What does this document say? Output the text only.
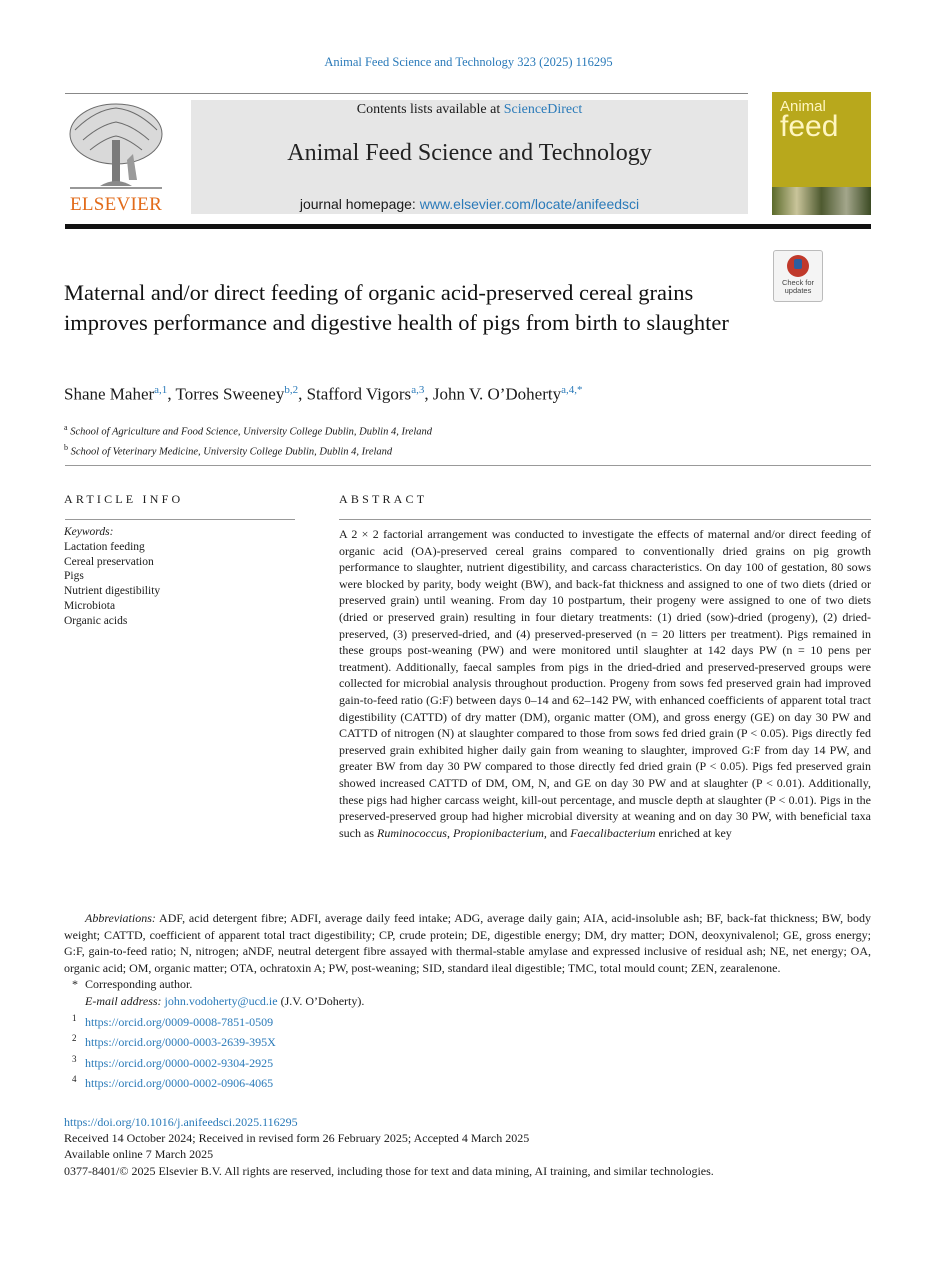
Animal Feed Science and Technology 323 (2025) 116295
ELSEVIER
Contents lists available at ScienceDirect
Animal Feed Science and Technology
journal homepage: www.elsevier.com/locate/anifeedsci
Animal
feed
Check for updates
Maternal and/or direct feeding of organic acid-preserved cereal grains improves performance and digestive health of pigs from birth to slaughter
Shane Maher$^{a,1}$, Torres Sweeney$^{b,2}$, Stafford Vigors$^{a,3}$, John V. O’Doherty$^{a,4,*}$
$^a$ School of Agriculture and Food Science, University College Dublin, Dublin 4, Ireland
$^b$ School of Veterinary Medicine, University College Dublin, Dublin 4, Ireland
ARTICLE INFO
Keywords:
Lactation feeding
Cereal preservation
Pigs
Nutrient digestibility
Microbiota
Organic acids
ABSTRACT

A 2 × 2 factorial arrangement was conducted to investigate the effects of maternal and/or direct feeding of organic acid (OA)-preserved cereal grains compared to conventionally dried grains on pig growth performance to slaughter, nutrient digestibility, and carcass characteristics. On day 100 of gestation, 80 sows were blocked by parity, body weight (BW), and back-fat thickness and assigned to one of two diets (dried or preserved grain) until weaning. From day 10 postpartum, their progeny were assigned to one of two diets (dried or preserved grain) resulting in four dietary treatments: (1) dried (sow)-dried (progeny), (2) dried-preserved, (3) preserved-dried, and (4) preserved-preserved (n = 20 litters per treatment). Pigs remained in these groups post-weaning (PW) and were monitored until slaughter at 142 days PW (n = 10 pens per treatment). Additionally, faecal samples from pigs in the dried-dried and preserved-preserved groups were collected for microbial analysis throughout production. Progeny from sows fed preserved grain had improved gain-to-feed ratio (G:F) between days 0–14 and 62–142 PW, with enhanced coefficients of apparent total tract digestibility (CATTD) of dry matter (DM), organic matter (OM), and gross energy (GE) on day 30 PW and CATTD of nitrogen (N) at slaughter compared to those from sows fed dried grain (P < 0.05). Pigs directly fed preserved grain exhibited higher daily gain from weaning to slaughter, improved G:F from day 14 PW, and greater BW from day 30 PW compared to those directly fed dried grain (P < 0.05). Pigs fed preserved grain showed increased CATTD of DM, OM, N, and GE on day 30 PW and at slaughter (P < 0.01). Additionally, these pigs had higher carcass weight, kill-out percentage, and muscle depth at slaughter (P < 0.01). Pigs in the preserved-preserved group had higher microbial diversity at weaning and on day 30 PW, with beneficial taxa such as Ruminococcus, Propionibacterium, and Faecalibacterium enriched at key

Abbreviations: ADF, acid detergent fibre; ADFI, average daily feed intake; ADG, average daily gain; AIA, acid-insoluble ash; BF, back-fat thickness; BW, body weight; CATTD, coefficient of apparent total tract digestibility; CP, crude protein; DE, digestible energy; DM, dry matter; DON, deoxynivalenol; GE, gross energy; G:F, gain-to-feed ratio; N, nitrogen; aNDF, neutral detergent fibre assayed with thermal-stable amylase and expressed inclusive of residual ash; NE, net energy; OA, organic acid; OM, organic matter; OTA, ochratoxin A; PW, post-weaning; SID, standard ileal digestible; TMC, total mould count; ZEN, zearalenone.

* Corresponding author.

E-mail address: john.vodoherty@ucd.ie (J.V. O’Doherty).

$^1$ https://orcid.org/0009-0008-7851-0509

$^2$ https://orcid.org/0000-0003-2639-395X

$^3$ https://orcid.org/0000-0002-9304-2925

$^4$ https://orcid.org/0000-0002-0906-4065

https://doi.org/10.1016/j.anifeedsci.2025.116295
Received 14 October 2024; Received in revised form 26 February 2025; Accepted 4 March 2025
Available online 7 March 2025
0377-8401/© 2025 Elsevier B.V. All rights are reserved, including those for text and data mining, AI training, and similar technologies.
